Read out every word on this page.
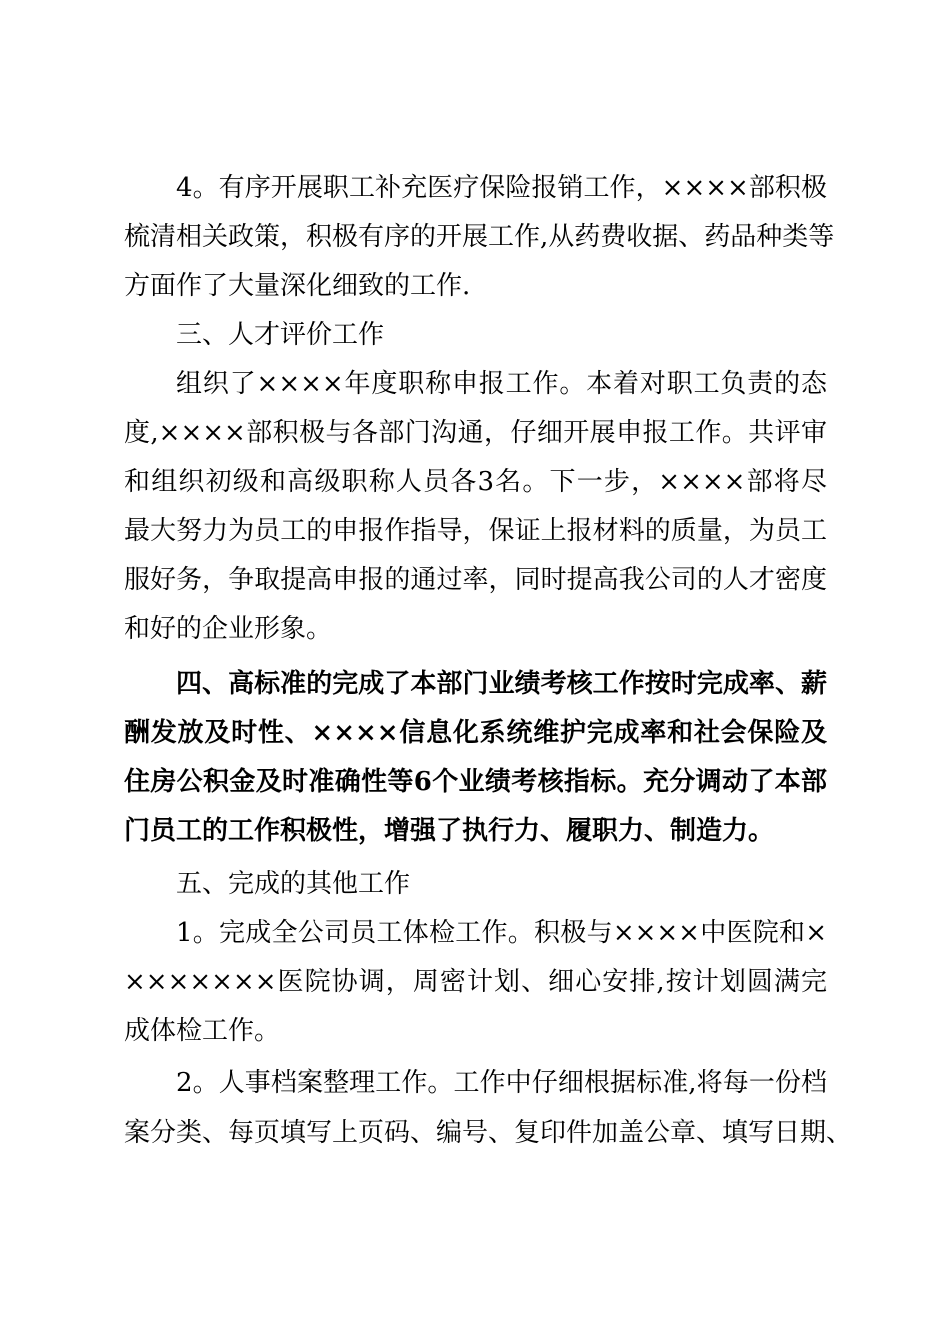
4。有序开展职工补充医疗保险报销工作，××××部积极
梳清相关政策，积极有序的开展工作,从药费收据、药品种类等
方面作了大量深化细致的工作.
三、人才评价工作
组织了××××年度职称申报工作。本着对职工负责的态
度,××××部积极与各部门沟通，仔细开展申报工作。共评审
和组织初级和高级职称人员各3名。下一步，××××部将尽
最大努力为员工的申报作指导，保证上报材料的质量，为员工
服好务，争取提高申报的通过率，同时提高我公司的人才密度
和好的企业形象。
四、高标准的完成了本部门业绩考核工作按时完成率、薪
酬发放及时性、××××信息化系统维护完成率和社会保险及
住房公积金及时准确性等6个业绩考核指标。充分调动了本部
门员工的工作积极性，增强了执行力、履职力、制造力。
五、完成的其他工作
1。完成全公司员工体检工作。积极与××××中医院和×
×××××××医院协调，周密计划、细心安排,按计划圆满完
成体检工作。
2。人事档案整理工作。工作中仔细根据标准,将每一份档
案分类、每页填写上页码、编号、复印件加盖公章、填写日期、
